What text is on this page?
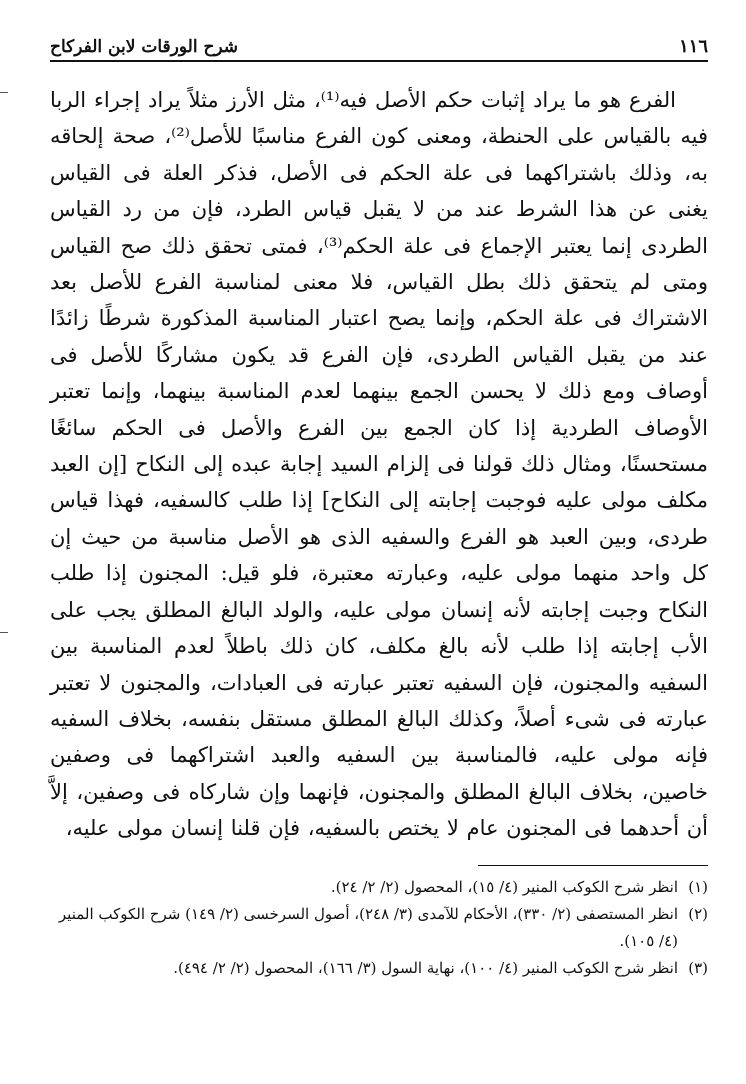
١١٦
شرح الورقات لابن الفركاح

الفرع هو ما يراد إثبات حكم الأصل فيه⁽¹⁾، مثل الأرز مثلاً يراد إجراء الربا فيه بالقياس على الحنطة، ومعنى كون الفرع مناسبًا للأصل⁽²⁾، صحة إلحاقه به، وذلك باشتراكهما فى علة الحكم فى الأصل، فذكر العلة فى القياس يغنى عن هذا الشرط عند من لا يقبل قياس الطرد، فإن من رد القياس الطردى إنما يعتبر الإجماع فى علة الحكم⁽³⁾، فمتى تحقق ذلك صح القياس ومتى لم يتحقق ذلك بطل القياس، فلا معنى لمناسبة الفرع للأصل بعد الاشتراك فى علة الحكم، وإنما يصح اعتبار المناسبة المذكورة شرطًا زائدًا عند من يقبل القياس الطردى، فإن الفرع قد يكون مشاركًا للأصل فى أوصاف ومع ذلك لا يحسن الجمع بينهما لعدم المناسبة بينهما، وإنما تعتبر الأوصاف الطردية إذا كان الجمع بين الفرع والأصل فى الحكم سائغًا مستحسنًا، ومثال ذلك قولنا فى إلزام السيد إجابة عبده إلى النكاح [إن العبد مكلف مولى عليه فوجبت إجابته إلى النكاح] إذا طلب كالسفيه، فهذا قياس طردى، وبين العبد هو الفرع والسفيه الذى هو الأصل مناسبة من حيث إن كل واحد منهما مولى عليه، وعبارته معتبرة، فلو قيل: المجنون إذا طلب النكاح وجبت إجابته لأنه إنسان مولى عليه، والولد البالغ المطلق يجب على الأب إجابته إذا طلب لأنه بالغ مكلف، كان ذلك باطلاً لعدم المناسبة بين السفيه والمجنون، فإن السفيه تعتبر عبارته فى العبادات، والمجنون لا تعتبر عبارته فى شىء أصلاً، وكذلك البالغ المطلق مستقل بنفسه، بخلاف السفيه فإنه مولى عليه، فالمناسبة بين السفيه والعبد اشتراكهما فى وصفين خاصين، بخلاف البالغ المطلق والمجنون، فإنهما وإن شاركاه فى وصفين، إلاَّ أن أحدهما فى المجنون عام لا يختص بالسفيه، فإن قلنا إنسان مولى عليه،

(١)
انظر شرح الكوكب المنير (٤/ ١٥)، المحصول (٢/ ٢/ ٢٤).
(٢)
انظر المستصفى (٢/ ٣٣٠)، الأحكام للآمدى (٣/ ٢٤٨)، أصول السرخسى (٢/ ١٤٩) شرح الكوكب المنير (٤/ ١٠٥).
(٣)
انظر شرح الكوكب المنير (٤/ ١٠٠)، نهاية السول (٣/ ١٦٦)، المحصول (٢/ ٢/ ٤٩٤).
